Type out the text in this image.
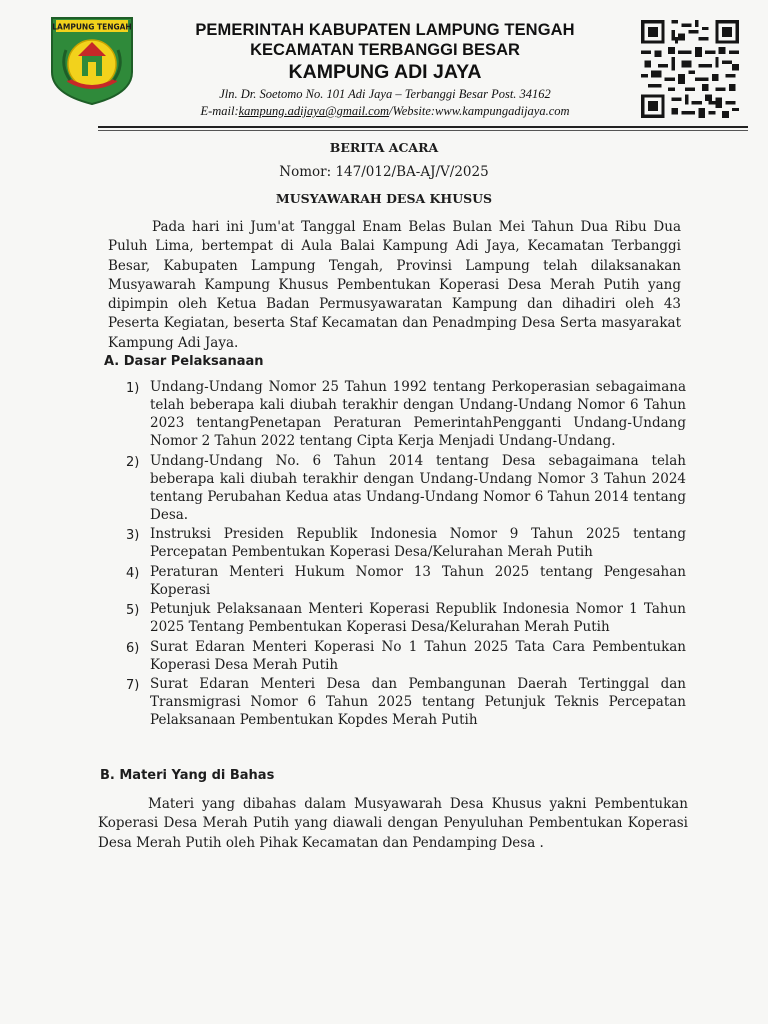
LAMPUNG TENGAH	PEMERINTAH KABUPATEN LAMPUNG TENGAH
KECAMATAN TERBANGGI BESAR
KAMPUNG ADI JAYA
Jln. Dr. Soetomo No. 101 Adi Jaya – Terbanggi Besar Post. 34162
E-mail:kampung.adijaya@gmail.com/Website:www.kampungadijaya.com
BERITA ACARA
Nomor: 147/012/BA-AJ/V/2025
MUSYAWARAH DESA KHUSUS

Pada hari ini Jum'at Tanggal Enam Belas Bulan Mei Tahun Dua Ribu Dua Puluh Lima, bertempat di Aula Balai Kampung Adi Jaya, Kecamatan Terbanggi Besar, Kabupaten Lampung Tengah, Provinsi Lampung telah dilaksanakan Musyawarah Kampung Khusus Pembentukan Koperasi Desa Merah Putih yang dipimpin oleh Ketua Badan Permusyawaratan Kampung dan dihadiri oleh 43 Peserta Kegiatan, beserta Staf Kecamatan dan Penadmping Desa Serta masyarakat Kampung Adi Jaya.

A. Dasar Pelaksanaan
1) Undang-Undang Nomor 25 Tahun 1992 tentang Perkoperasian sebagaimana telah beberapa kali diubah terakhir dengan Undang-Undang Nomor 6 Tahun 2023 tentangPenetapan Peraturan PemerintahPengganti Undang-Undang Nomor 2 Tahun 2022 tentang Cipta Kerja Menjadi Undang-Undang.
2) Undang-Undang No. 6 Tahun 2014 tentang Desa sebagaimana telah beberapa kali diubah terakhir dengan Undang-Undang Nomor 3 Tahun 2024 tentang Perubahan Kedua atas Undang-Undang Nomor 6 Tahun 2014 tentang Desa.
3) Instruksi Presiden Republik Indonesia Nomor 9 Tahun 2025 tentang Percepatan Pembentukan Koperasi Desa/Kelurahan Merah Putih
4) Peraturan Menteri Hukum Nomor 13 Tahun 2025 tentang Pengesahan Koperasi
5) Petunjuk Pelaksanaan Menteri Koperasi Republik Indonesia Nomor 1 Tahun 2025 Tentang Pembentukan Koperasi Desa/Kelurahan Merah Putih
6) Surat Edaran Menteri Koperasi No 1 Tahun 2025 Tata Cara Pembentukan Koperasi Desa Merah Putih
7) Surat Edaran Menteri Desa dan Pembangunan Daerah Tertinggal dan Transmigrasi Nomor 6 Tahun 2025 tentang Petunjuk Teknis Percepatan Pelaksanaan Pembentukan Kopdes Merah Putih
B. Materi Yang di Bahas

Materi yang dibahas dalam Musyawarah Desa Khusus yakni Pembentukan Koperasi Desa Merah Putih yang diawali dengan Penyuluhan Pembentukan Koperasi Desa Merah Putih oleh Pihak Kecamatan dan Pendamping Desa .
